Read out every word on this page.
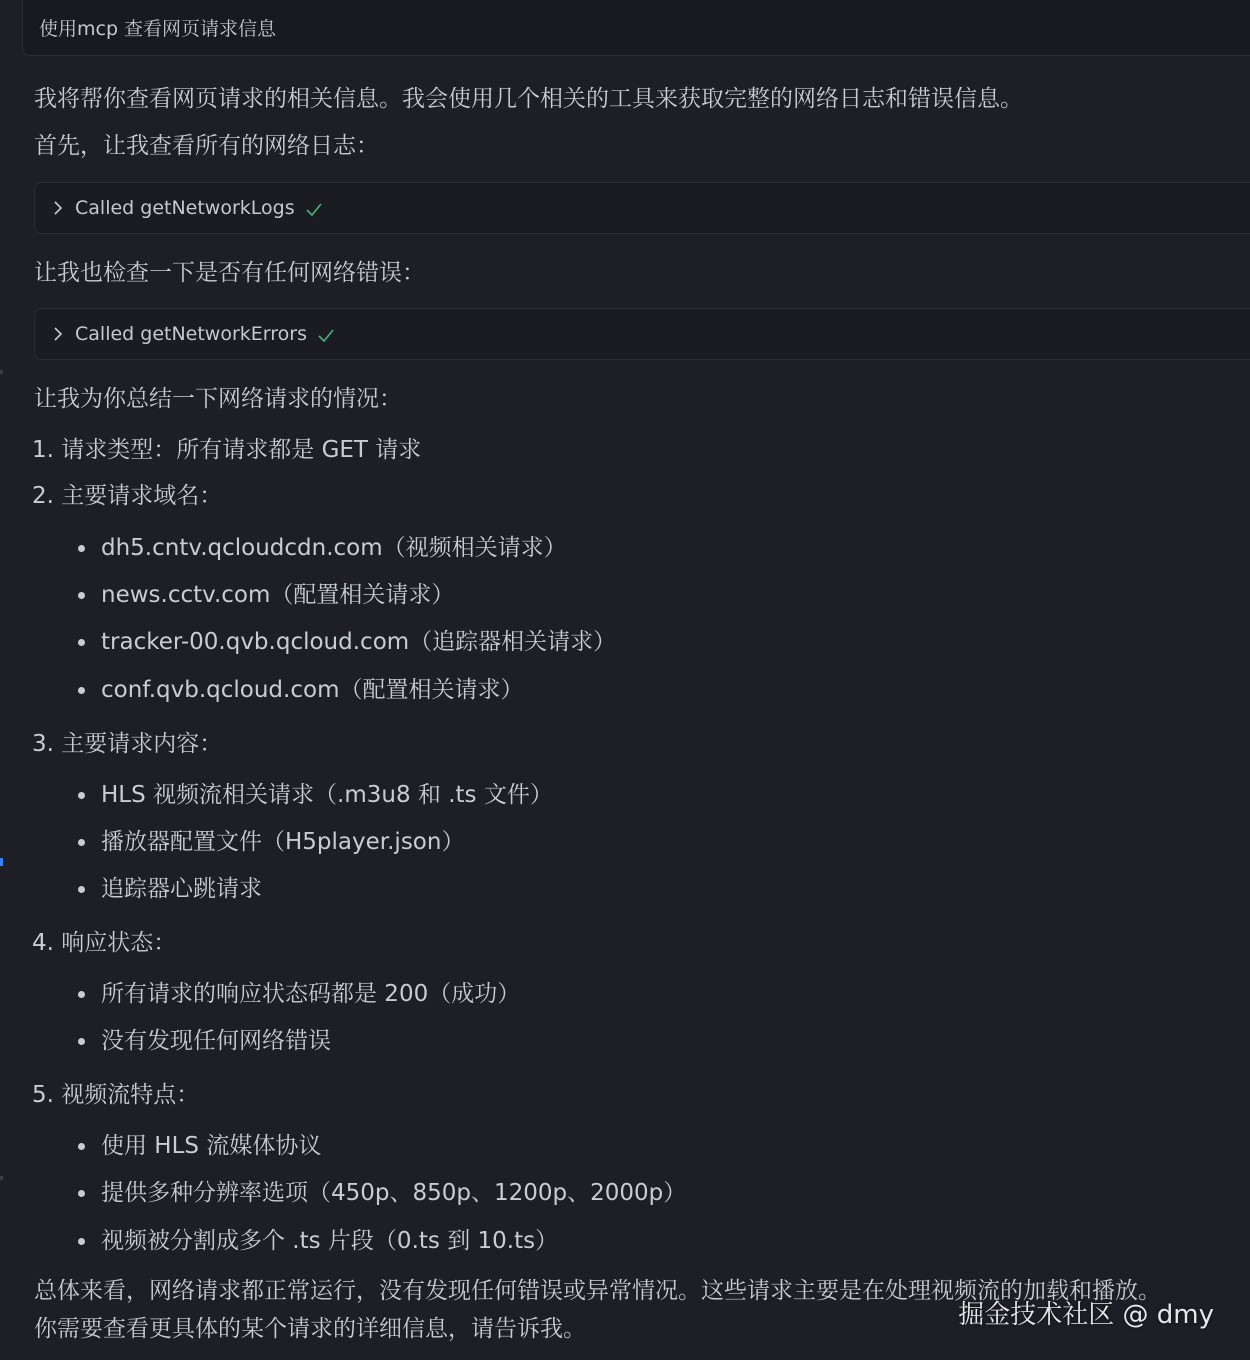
使用mcp 查看网页请求信息
我将帮你查看网页请求的相关信息。我会使用几个相关的工具来获取完整的网络日志和错误信息。
首先，让我查看所有的网络日志：
Called getNetworkLogs
让我也检查一下是否有任何网络错误：
Called getNetworkErrors
让我为你总结一下网络请求的情况：
1. 请求类型：所有请求都是 GET 请求
2. 主要请求域名：
dh5.cntv.qcloudcdn.com（视频相关请求）
news.cctv.com（配置相关请求）
tracker-00.qvb.qcloud.com（追踪器相关请求）
conf.qvb.qcloud.com（配置相关请求）
3. 主要请求内容：
HLS 视频流相关请求（.m3u8 和 .ts 文件）
播放器配置文件（H5player.json）
追踪器心跳请求
4. 响应状态：
所有请求的响应状态码都是 200（成功）
没有发现任何网络错误
5. 视频流特点：
使用 HLS 流媒体协议
提供多种分辨率选项（450p、850p、1200p、2000p）
视频被分割成多个 .ts 片段（0.ts 到 10.ts）
总体来看，网络请求都正常运行，没有发现任何错误或异常情况。这些请求主要是在处理视频流的加载和播放。
你需要查看更具体的某个请求的详细信息，请告诉我。	掘金技术社区 @ dmy
